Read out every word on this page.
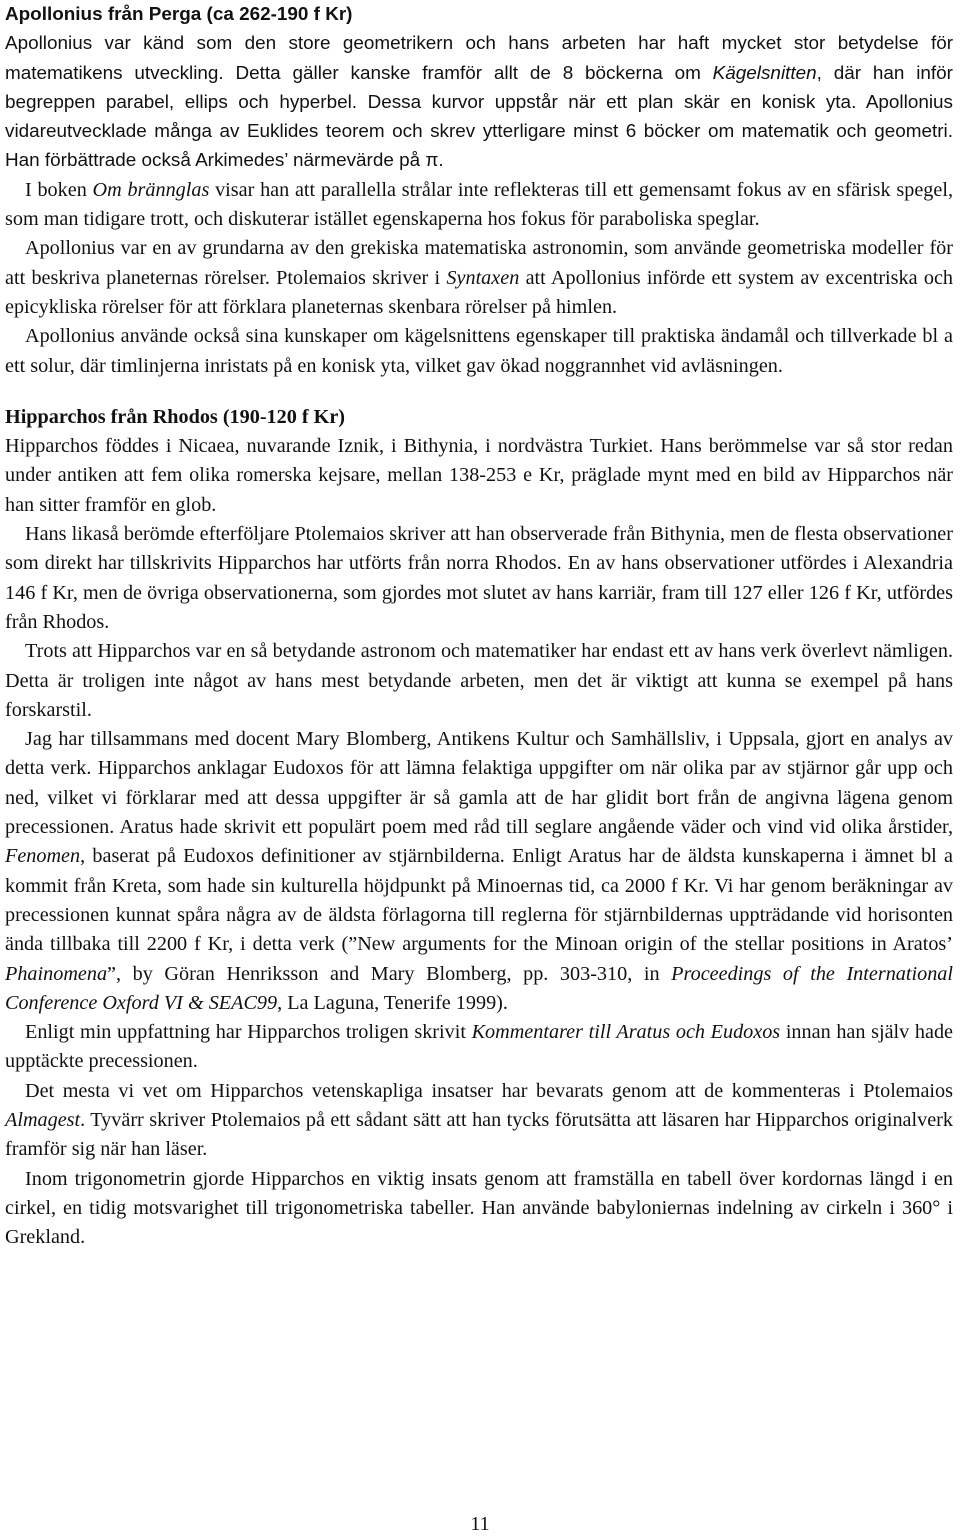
Apollonius från Perga (ca 262-190 f Kr)

Apollonius var känd som den store geometrikern och hans arbeten har haft mycket stor betydelse för matematikens utveckling. Detta gäller kanske framför allt de 8 böckerna om Kägelsnitten, där han inför begreppen parabel, ellips och hyperbel. Dessa kurvor uppstår när ett plan skär en konisk yta. Apollonius vidareutvecklade många av Euklides teorem och skrev ytterligare minst 6 böcker om matematik och geometri. Han förbättrade också Arkimedes’ närmevärde på π.

I boken Om brännglas visar han att parallella strålar inte reflekteras till ett gemensamt fokus av en sfärisk spegel, som man tidigare trott, och diskuterar istället egenskaperna hos fokus för paraboliska speglar.

Apollonius var en av grundarna av den grekiska matematiska astronomin, som använde geometriska modeller för att beskriva planeternas rörelser. Ptolemaios skriver i Syntaxen att Apollonius införde ett system av excentriska och epicykliska rörelser för att förklara planeternas skenbara rörelser på himlen.

Apollonius använde också sina kunskaper om kägelsnittens egenskaper till praktiska ändamål och tillverkade bl a ett solur, där timlinjerna inristats på en konisk yta, vilket gav ökad noggrannhet vid avläsningen.

Hipparchos från Rhodos (190-120 f Kr)

Hipparchos föddes i Nicaea, nuvarande Iznik, i Bithynia, i nordvästra Turkiet. Hans berömmelse var så stor redan under antiken att fem olika romerska kejsare, mellan 138-253 e Kr, präglade mynt med en bild av Hipparchos när han sitter framför en glob.

Hans likaså berömde efterföljare Ptolemaios skriver att han observerade från Bithynia, men de flesta observationer som direkt har tillskrivits Hipparchos har utförts från norra Rhodos. En av hans observationer utfördes i Alexandria 146 f Kr, men de övriga observationerna, som gjordes mot slutet av hans karriär, fram till 127 eller 126 f Kr, utfördes från Rhodos.

Trots att Hipparchos var en så betydande astronom och matematiker har endast ett av hans verk överlevt nämligen. Detta är troligen inte något av hans mest betydande arbeten, men det är viktigt att kunna se exempel på hans forskarstil.

Jag har tillsammans med docent Mary Blomberg, Antikens Kultur och Samhällsliv, i Uppsala, gjort en analys av detta verk. Hipparchos anklagar Eudoxos för att lämna felaktiga uppgifter om när olika par av stjärnor går upp och ned, vilket vi förklarar med att dessa uppgifter är så gamla att de har glidit bort från de angivna lägena genom precessionen. Aratus hade skrivit ett populärt poem med råd till seglare angående väder och vind vid olika årstider, Fenomen, baserat på Eudoxos definitioner av stjärnbilderna. Enligt Aratus har de äldsta kunskaperna i ämnet bl a kommit från Kreta, som hade sin kulturella höjdpunkt på Minoernas tid, ca 2000 f Kr. Vi har genom beräkningar av precessionen kunnat spåra några av de äldsta förlagorna till reglerna för stjärnbildernas uppträdande vid horisonten ända tillbaka till 2200 f Kr, i detta verk (”New arguments for the Minoan origin of the stellar positions in Aratos’ Phainomena”, by Göran Henriksson and Mary Blomberg, pp. 303-310, in Proceedings of the International Conference Oxford VI & SEAC99, La Laguna, Tenerife 1999).

Enligt min uppfattning har Hipparchos troligen skrivit Kommentarer till Aratus och Eudoxos innan han själv hade upptäckte precessionen.

Det mesta vi vet om Hipparchos vetenskapliga insatser har bevarats genom att de kommenteras i Ptolemaios Almagest. Tyvärr skriver Ptolemaios på ett sådant sätt att han tycks förutsätta att läsaren har Hipparchos originalverk framför sig när han läser.

Inom trigonometrin gjorde Hipparchos en viktig insats genom att framställa en tabell över kordornas längd i en cirkel, en tidig motsvarighet till trigonometriska tabeller. Han använde babyloniernas indelning av cirkeln i 360° i Grekland.

11
